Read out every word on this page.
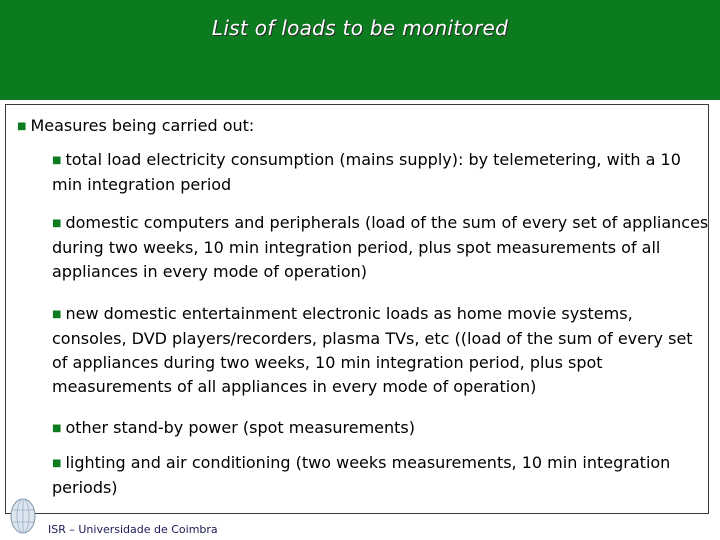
List of loads to be monitored
■ Measures being carried out:
■ total load electricity consumption (mains supply): by telemetering, with a 10 min integration period
■ domestic computers and peripherals (load of the sum of every set of appliances during two weeks, 10 min integration period, plus spot measurements of all appliances in every mode of operation)
■ new domestic entertainment electronic loads as home movie systems, consoles, DVD players/recorders, plasma TVs, etc ((load of the sum of every set of appliances during two weeks, 10 min integration period, plus spot measurements of all appliances in every mode of operation)
■ other stand-by power (spot measurements)
■ lighting and air conditioning (two weeks measurements, 10 min integration periods)
ISR – Universidade de Coimbra
